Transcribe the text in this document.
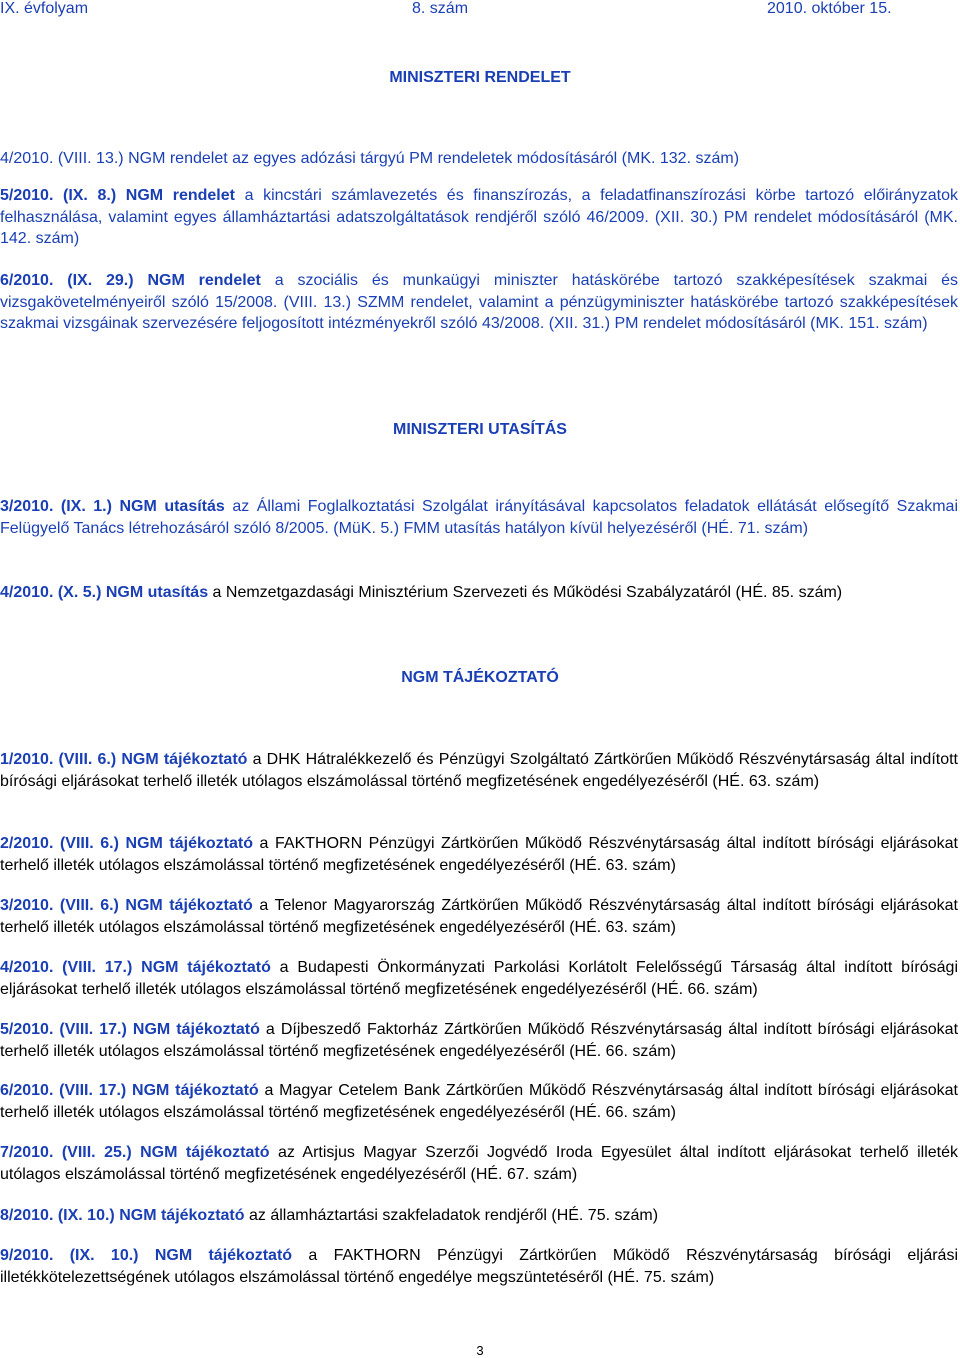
IX. évfolyam	8. szám	2010. október 15.
MINISZTERI RENDELET

4/2010. (VIII. 13.) NGM rendelet az egyes adózási tárgyú PM rendeletek módosításáról (MK. 132. szám)

5/2010. (IX. 8.) NGM rendelet a kincstári számlavezetés és finanszírozás, a feladatfinanszírozási körbe tartozó előirányzatok felhasználása, valamint egyes államháztartási adatszolgáltatások rendjéről szóló 46/2009. (XII. 30.) PM rendelet módosításáról (MK. 142. szám)

6/2010. (IX. 29.) NGM rendelet a szociális és munkaügyi miniszter hatáskörébe tartozó szakképesítések szakmai és vizsgakövetelményeiről szóló 15/2008. (VIII. 13.) SZMM rendelet, valamint a pénzügyminiszter hatáskörébe tartozó szakképesítések szakmai vizsgáinak szervezésére feljogosított intézményekről szóló 43/2008. (XII. 31.) PM rendelet módosításáról (MK. 151. szám)

MINISZTERI UTASÍTÁS

3/2010. (IX. 1.) NGM utasítás az Állami Foglalkoztatási Szolgálat irányításával kapcsolatos feladatok ellátását elősegítő Szakmai Felügyelő Tanács létrehozásáról szóló 8/2005. (MüK. 5.) FMM utasítás hatályon kívül helyezéséről (HÉ. 71. szám)

4/2010. (X. 5.) NGM utasítás a Nemzetgazdasági Minisztérium Szervezeti és Működési Szabályzatáról (HÉ. 85. szám)

NGM TÁJÉKOZTATÓ

1/2010. (VIII. 6.) NGM tájékoztató a DHK Hátralékkezelő és Pénzügyi Szolgáltató Zártkörűen Működő Részvénytársaság által indított bírósági eljárásokat terhelő illeték utólagos elszámolással történő megfizetésének engedélyezéséről (HÉ. 63. szám)

2/2010. (VIII. 6.) NGM tájékoztató a FAKTHORN Pénzügyi Zártkörűen Működő Részvénytársaság által indított bírósági eljárásokat terhelő illeték utólagos elszámolással történő megfizetésének engedélyezéséről (HÉ. 63. szám)

3/2010. (VIII. 6.) NGM tájékoztató a Telenor Magyarország Zártkörűen Működő Részvénytársaság által indított bírósági eljárásokat terhelő illeték utólagos elszámolással történő megfizetésének engedélyezéséről (HÉ. 63. szám)

4/2010. (VIII. 17.) NGM tájékoztató a Budapesti Önkormányzati Parkolási Korlátolt Felelősségű Társaság által indított bírósági eljárásokat terhelő illeték utólagos elszámolással történő megfizetésének engedélyezéséről (HÉ. 66. szám)

5/2010. (VIII. 17.) NGM tájékoztató a Díjbeszedő Faktorház Zártkörűen Működő Részvénytársaság által indított bírósági eljárásokat terhelő illeték utólagos elszámolással történő megfizetésének engedélyezéséről (HÉ. 66. szám)

6/2010. (VIII. 17.) NGM tájékoztató a Magyar Cetelem Bank Zártkörűen Működő Részvénytársaság által indított bírósági eljárásokat terhelő illeték utólagos elszámolással történő megfizetésének engedélyezéséről (HÉ. 66. szám)

7/2010. (VIII. 25.) NGM tájékoztató az Artisjus Magyar Szerzői Jogvédő Iroda Egyesület által indított eljárásokat terhelő illeték utólagos elszámolással történő megfizetésének engedélyezéséről (HÉ. 67. szám)

8/2010. (IX. 10.) NGM tájékoztató az államháztartási szakfeladatok rendjéről (HÉ. 75. szám)

9/2010. (IX. 10.) NGM tájékoztató a FAKTHORN Pénzügyi Zártkörűen Működő Részvénytársaság bírósági eljárási illetékkötelezettségének utólagos elszámolással történő engedélye megszüntetéséről (HÉ. 75. szám)

3
